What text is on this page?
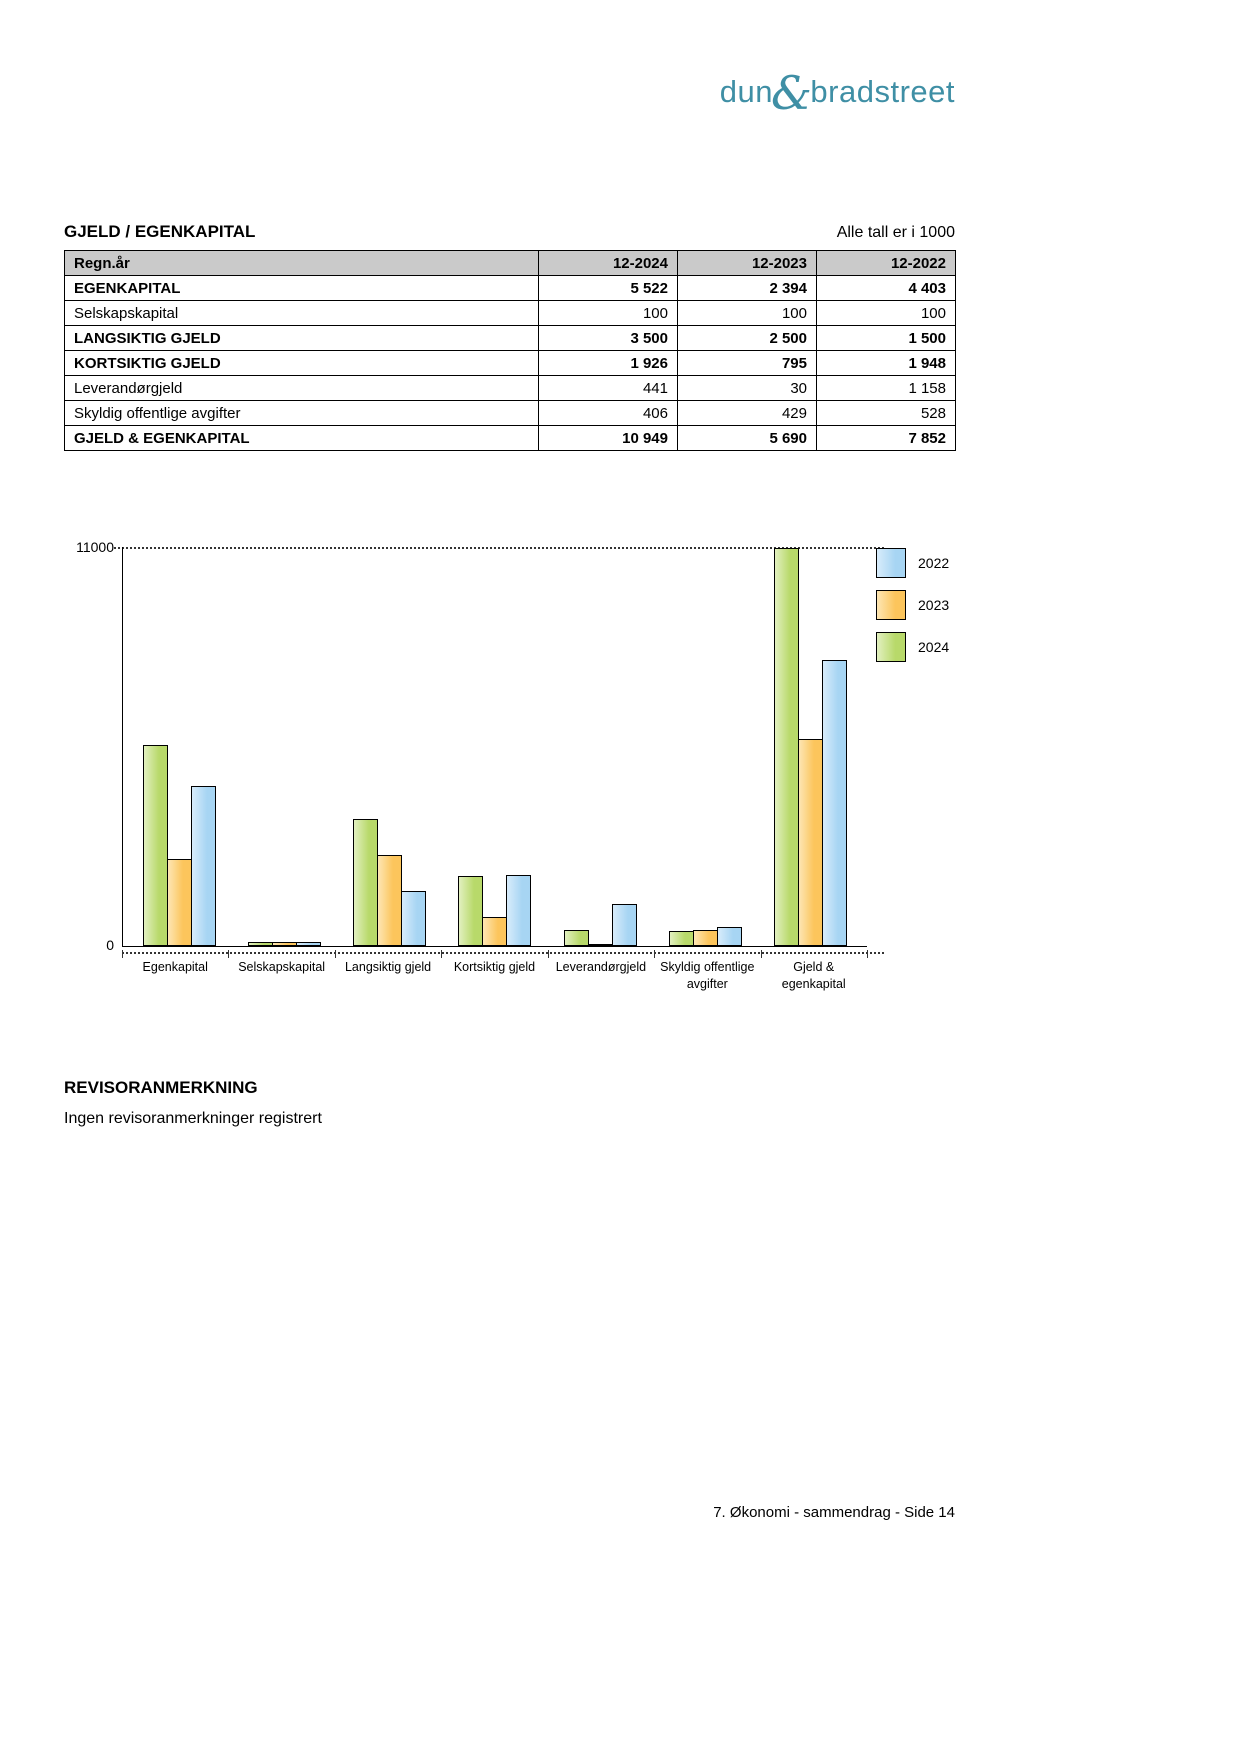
dun&bradstreet
GJELD / EGENKAPITAL	Alle tall er i 1000
Regn.år	12-2024	12-2023	12-2022
EGENKAPITAL	5 522	2 394	4 403
Selskapskapital	100	100	100
LANGSIKTIG GJELD	3 500	2 500	1 500
KORTSIKTIG GJELD	1 926	795	1 948
Leverandørgjeld	441	30	1 158
Skyldig offentlige avgifter	406	429	528
GJELD & EGENKAPITAL	10 949	5 690	7 852
11000
0
Egenkapital	Selskapskapital	Langsiktig gjeld	Kortsiktig gjeld	Leverandørgjeld	Skyldig offentlige avgifter
Gjeld & egenkapital
2022
2023
2024
REVISORANMERKNING
Ingen revisoranmerkninger registrert
7. Økonomi - sammendrag - Side 14
